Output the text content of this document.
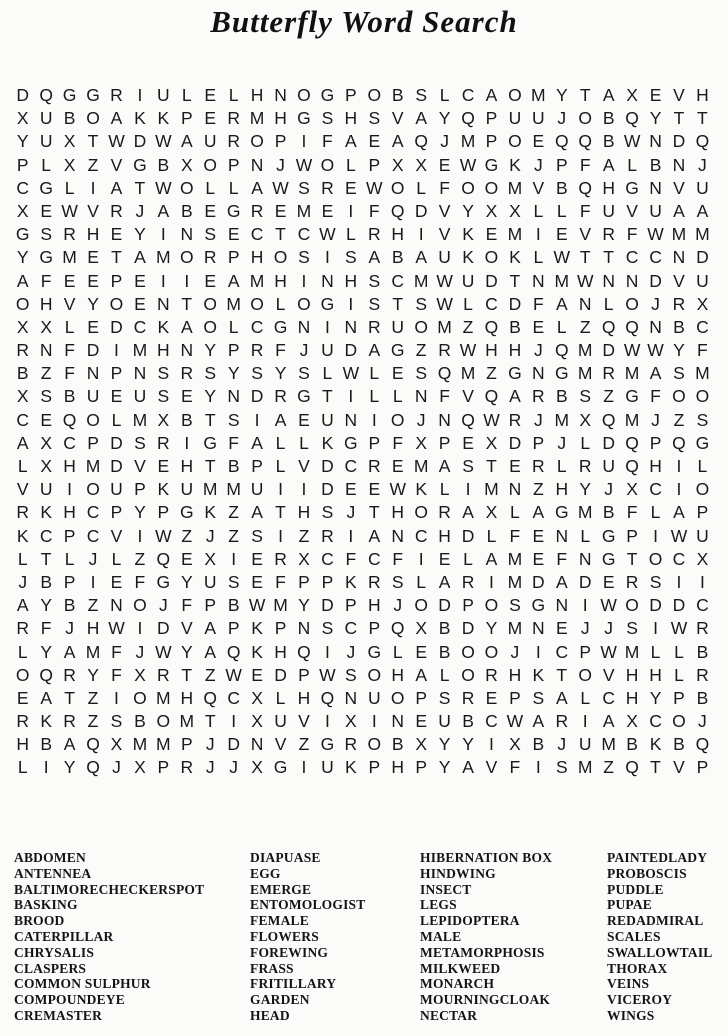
Butterfly Word Search
D Q G G R I U L E L H N O G P O B S L C A O M Y T A X E V H
X U B O A K K P E R M H G S H S V A Y Q P U U J O B Q Y T T
Y U X T W D W A U R O P I F A E A Q J M P O E Q Q B W N D Q
P L X Z V G B X O P N J W O L P X X E W G K J P F A L B N J
C G L I A T W O L L A W S R E W O L F O O M V B Q H G N V U
X E W V R J A B E G R E M E I F Q D V Y X X L L F U V U A A
G S R H E Y I N S E C T C W L R H I V K E M I E V R F W M M
Y G M E T A M O R P H O S I S A B A U K O K L W T T C C N D
A F E E P E I	I E A M H I N H S C M W U D T N M W N N D V U
O H V Y O E N T O M O L O G I S T S W L C D F A N L O J R X
X X L E D C K A O L C G N I N R U O M Z Q B E L Z Q Q N B C
R N F D I M H N Y P R F J U D A G Z R W H H J Q M D W W Y F
B Z F N P N S R S Y S Y S L W L E S Q M Z G N G M R M A S M
X S B U E U S E Y N D R G T I L L N F V Q A R B S Z G F O O
C E Q O L M X B T S I A E U N I O J N Q W R J M X Q M J Z S
A X C P D S R I G F A L L K G P F X P E X D P J L D Q P Q G
L X H M D V E H T B P L V D C R E M A S T E R L R U Q H I L
V U I O U P K U M M U I	I D E E W K L I M N Z H Y J X C I O
R K H C P Y P G K Z A T H S J T H O R A X L A G M B F L A P
K C P C V I W Z J Z S I Z R I A N C H D L F E N L G P I W U
L T L J L Z Q E X I E R X C F C F I E L A M E F N G T O C X
J B P I E F G Y U S E F P P K R S L A R I M D A D E R S I	I
A Y B Z N O J F P B W M Y D P H J O D P O S G N I W O D D C
R F J H W I D V A P K P N S C P Q X B D Y M N E J J S I W R
L Y A M F J W Y A Q K H Q I J G L E B O O J I C P W M L L B
O Q R Y F X R T Z W E D P W S O H A L O R H K T O V H H L R
E A T Z I O M H Q C X L H Q N U O P S R E P S A L C H Y P B
R K R Z S B O M T I X U V I X I N E U B C W A R I A X C O J
H B A Q X M M P J D N V Z G R O B X Y Y I X B J U M B K B Q
L I Y Q J X P R J J X G I U K P H P Y A V F I S M Z Q T V P
ABDOMEN
ANTENNEA
BALTIMORECHECKERSPOT
BASKING
BROOD
CATERPILLAR
CHRYSALIS
CLASPERS
COMMON SULPHUR
COMPOUNDEYE
CREMASTER
DIAPUASE
EGG
EMERGE
ENTOMOLOGIST
FEMALE
FLOWERS
FOREWING
FRASS
FRITILLARY
GARDEN
HEAD
HIBERNATION BOX
HINDWING
INSECT
LEGS
LEPIDOPTERA
MALE
METAMORPHOSIS
MILKWEED
MONARCH
MOURNINGCLOAK
NECTAR
PAINTEDLADY
PROBOSCIS
PUDDLE
PUPAE
REDADMIRAL
SCALES
SWALLOWTAIL
THORAX
VEINS
VICEROY
WINGS
